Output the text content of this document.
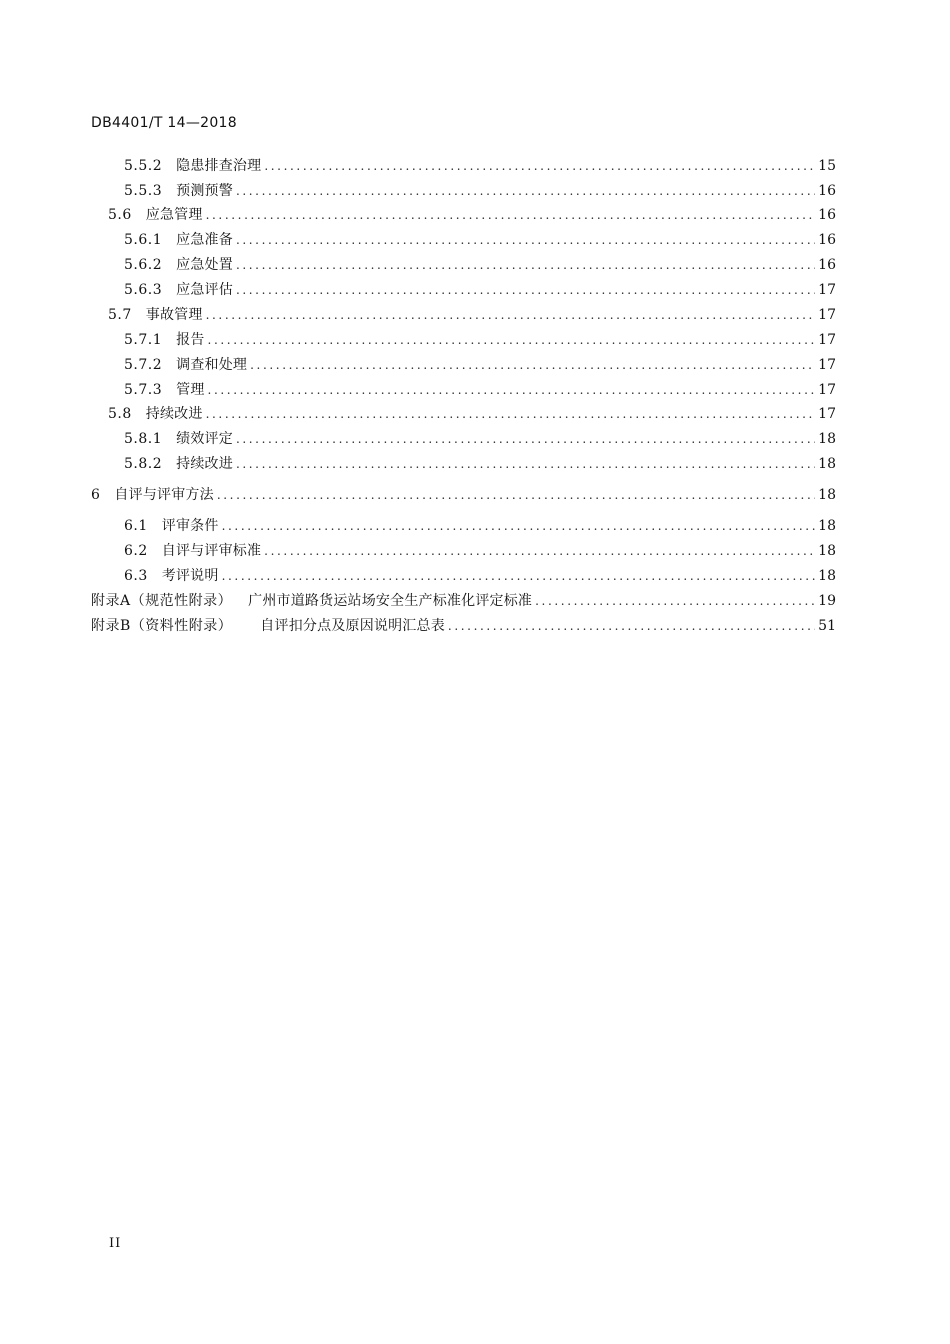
DB4401/T 14—2018
5.5.2 隐患排查治理 .....	15
5.5.3 预测预警 .....	16
5.6 应急管理 .....	16
5.6.1 应急准备 .....	16
5.6.2 应急处置 .....	16
5.6.3 应急评估 .....	17
5.7 事故管理 .....	17
5.7.1 报告 .....	17
5.7.2 调查和处理 .....	17
5.7.3 管理 .....	17
5.8 持续改进 .....	17
5.8.1 绩效评定 .....	18
5.8.2 持续改进 .....	18
6 自评与评审方法 .....	18
6.1 评审条件 .....	18
6.2 自评与评审标准 .....	18
6.3 考评说明 .....	18
附录A（规范性附录） 广州市道路货运站场安全生产标准化评定标准 .....	19
附录B（资料性附录） 自评扣分点及原因说明汇总表 .....	51
II
